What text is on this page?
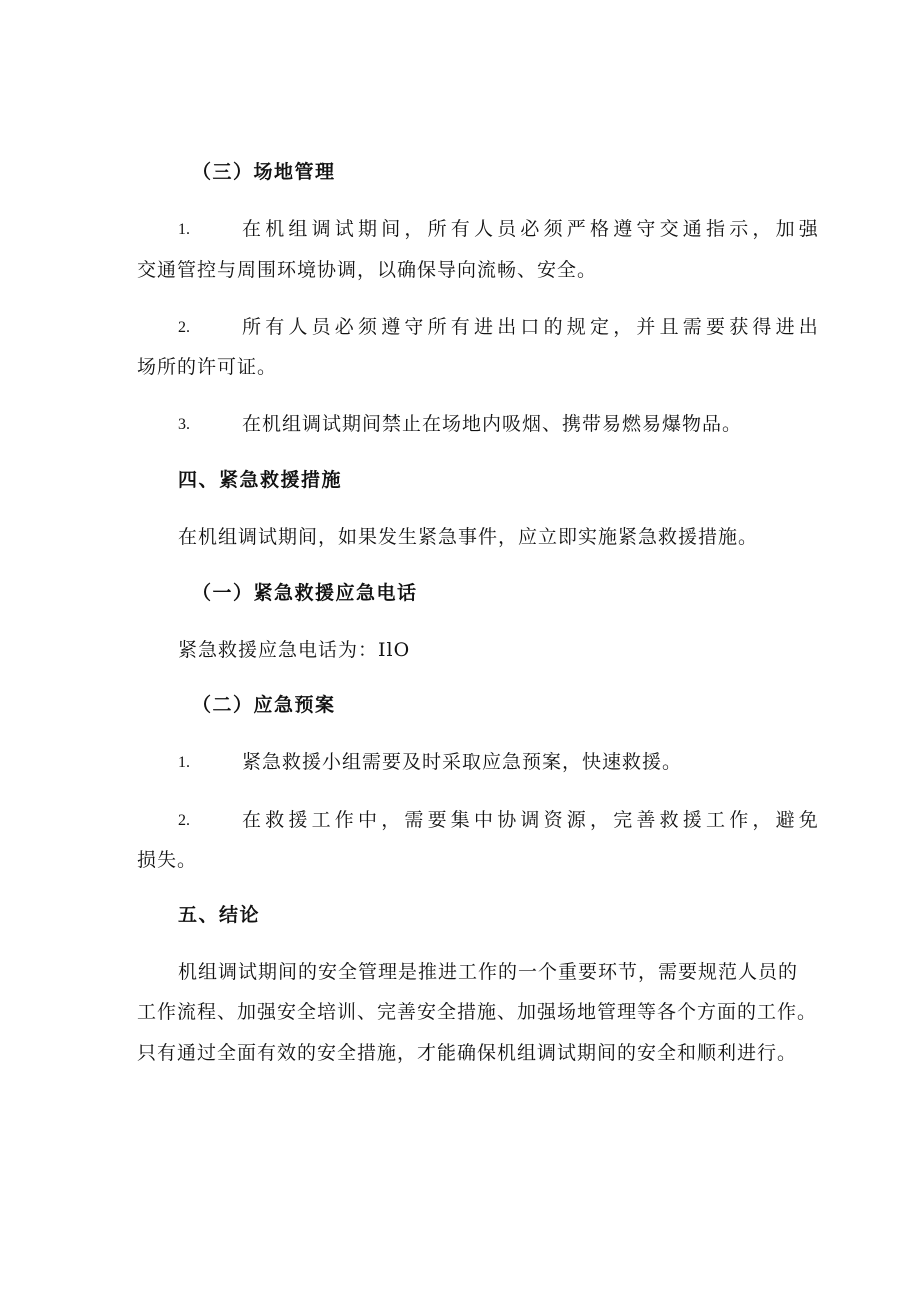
（三）场地管理
1.	在机组调试期间，所有人员必须严格遵守交通指示，加强
交通管控与周围环境协调，以确保导向流畅、安全。
2.	所有人员必须遵守所有进出口的规定，并且需要获得进出
场所的许可证。
3.	在机组调试期间禁止在场地内吸烟、携带易燃易爆物品。
四、紧急救援措施
在机组调试期间，如果发生紧急事件，应立即实施紧急救援措施。
（一）紧急救援应急电话
紧急救援应急电话为：IlO
（二）应急预案
1.	紧急救援小组需要及时采取应急预案，快速救援。
2.	在救援工作中，需要集中协调资源，完善救援工作，避免
损失。
五、结论
机组调试期间的安全管理是推进工作的一个重要环节，需要规范人员的
工作流程、加强安全培训、完善安全措施、加强场地管理等各个方面的工作。
只有通过全面有效的安全措施，才能确保机组调试期间的安全和顺利进行。
